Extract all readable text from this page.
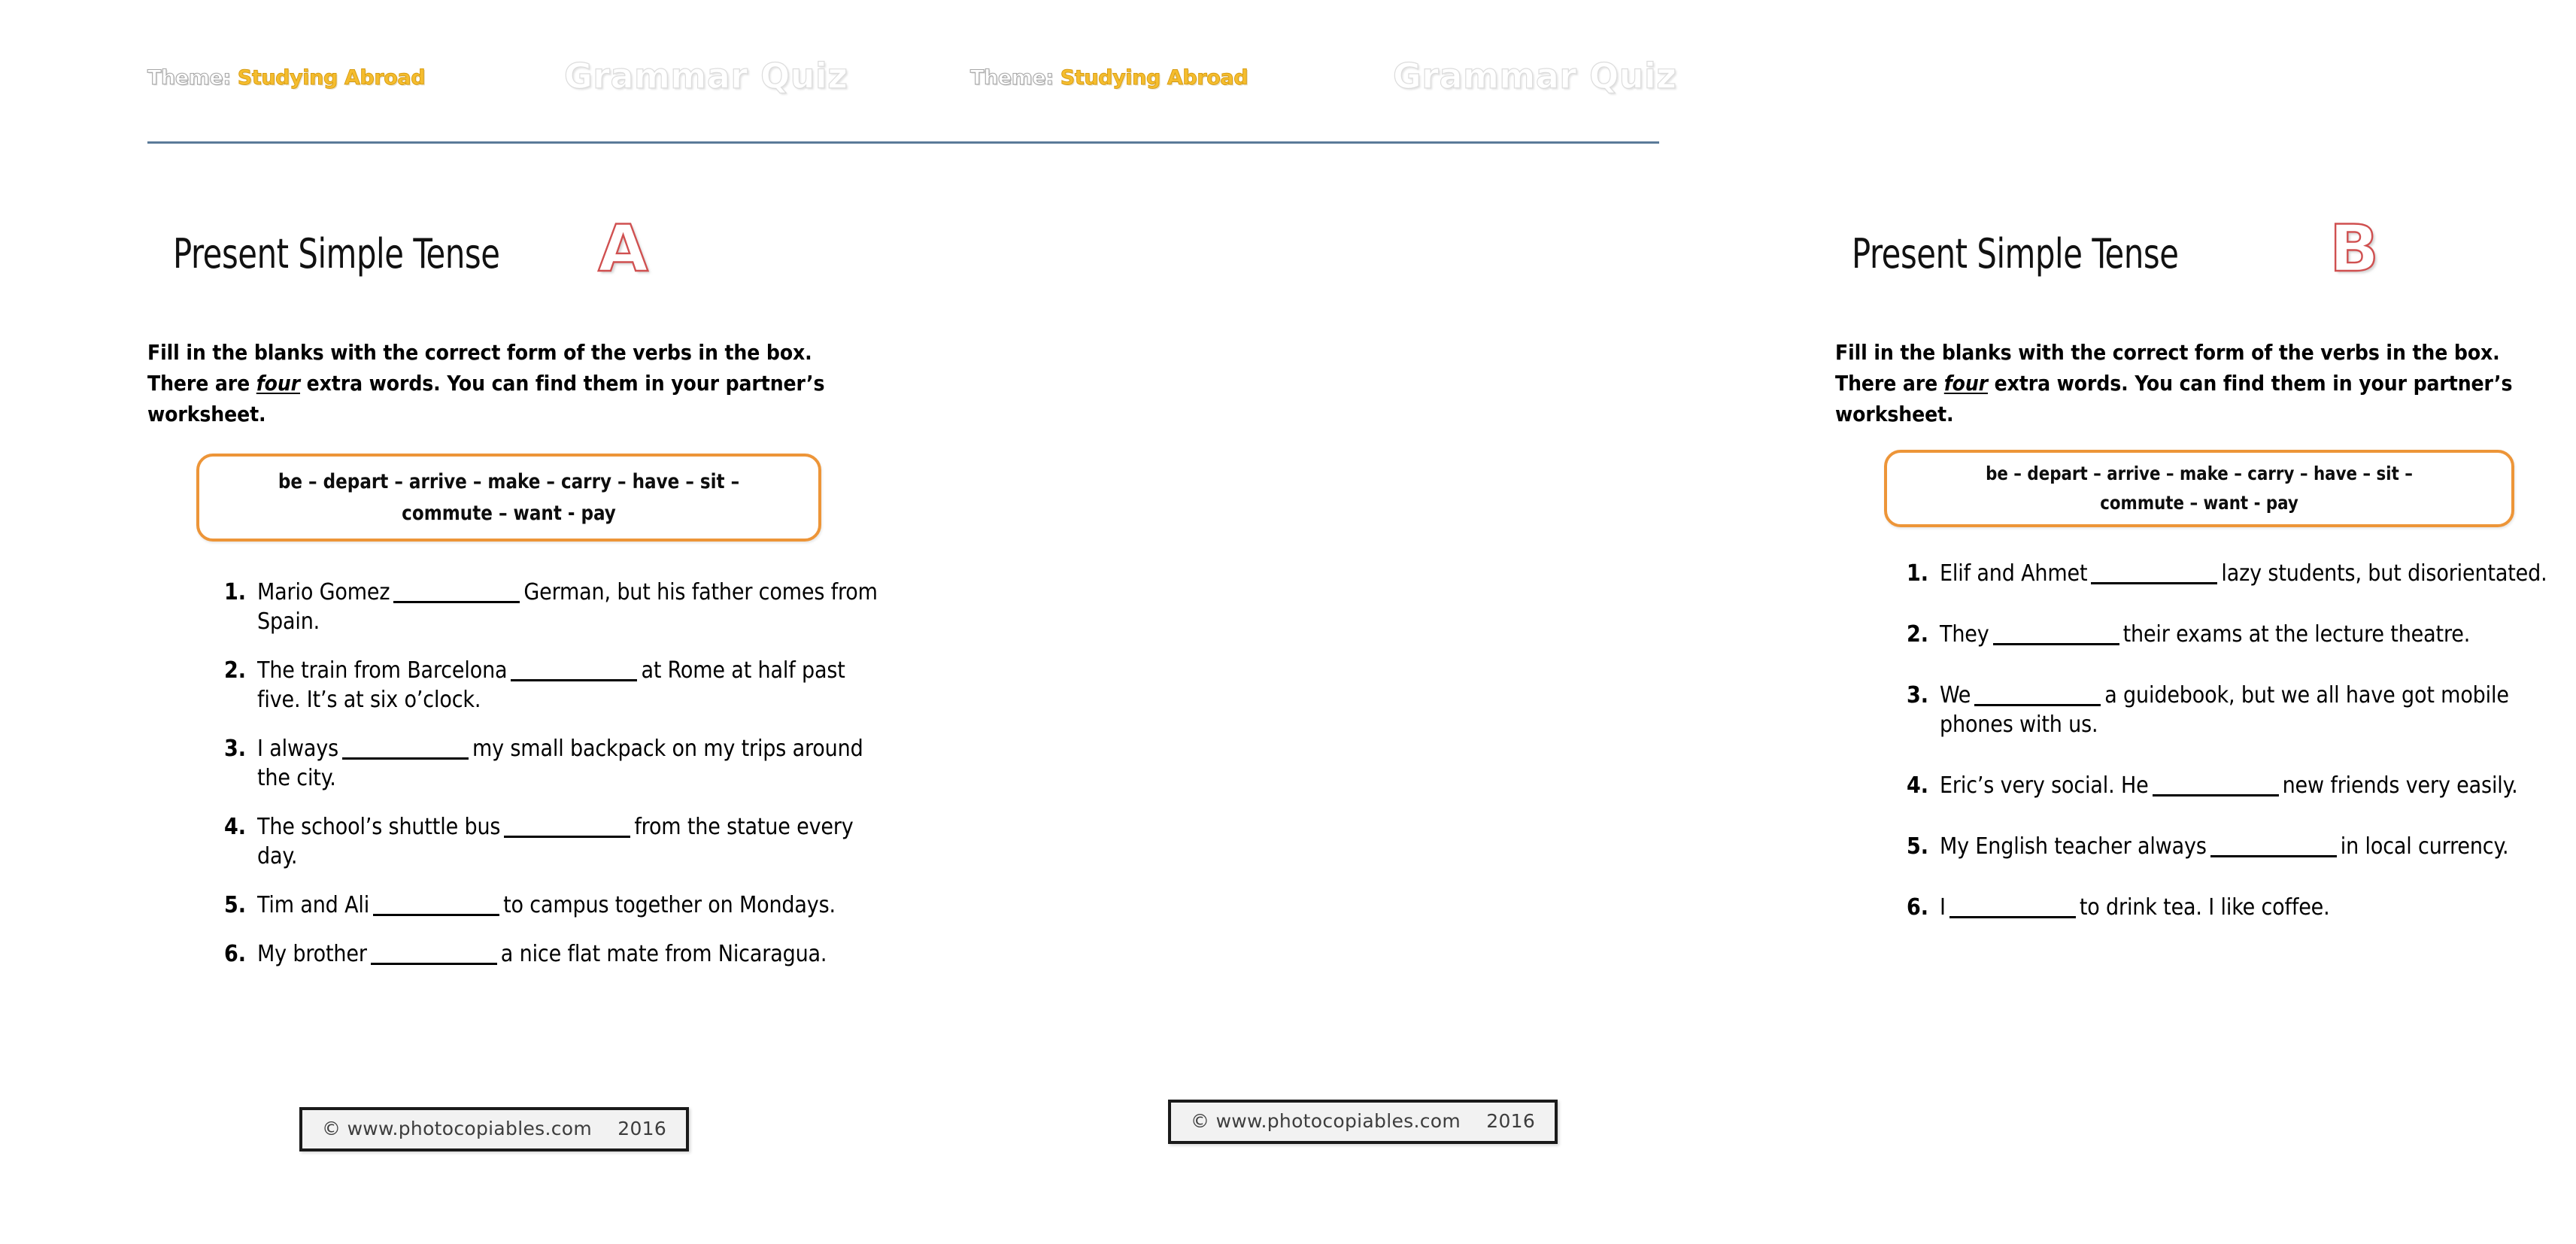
Theme: Studying Abroad	Grammar Quiz	Theme: Studying Abroad	Grammar Quiz
Present Simple Tense A

Fill in the blanks with the correct form of the verbs in the box. There are four extra words. You can find them in your partner’s worksheet.

be – depart – arrive – make – carry – have – sit –
commute – want - pay
1. Mario Gomez	German, but his father comes from Spain.
2. The train from Barcelona	at Rome at half past five. It’s at six o’clock.
3. I always	my small backpack on my trips around the city.
4. The school’s shuttle bus	from the statue every day.
5. Tim and Ali	to campus together on Mondays.
6. My brother	a nice flat mate from Nicaragua.
© www.photocopiables.com 2016
Present Simple Tense B

Fill in the blanks with the correct form of the verbs in the box. There are four extra words. You can find them in your partner’s worksheet.

be – depart – arrive – make – carry – have – sit –
commute – want - pay
1. Elif and Ahmet	lazy students, but disorientated.
2. They	their exams at the lecture theatre.
3. We	a guidebook, but we all have got mobile phones with us.
4. Eric’s very social. He	new friends very easily.
5. My English teacher always	in local currency.
6. I	to drink tea. I like coffee.
© www.photocopiables.com 2016
